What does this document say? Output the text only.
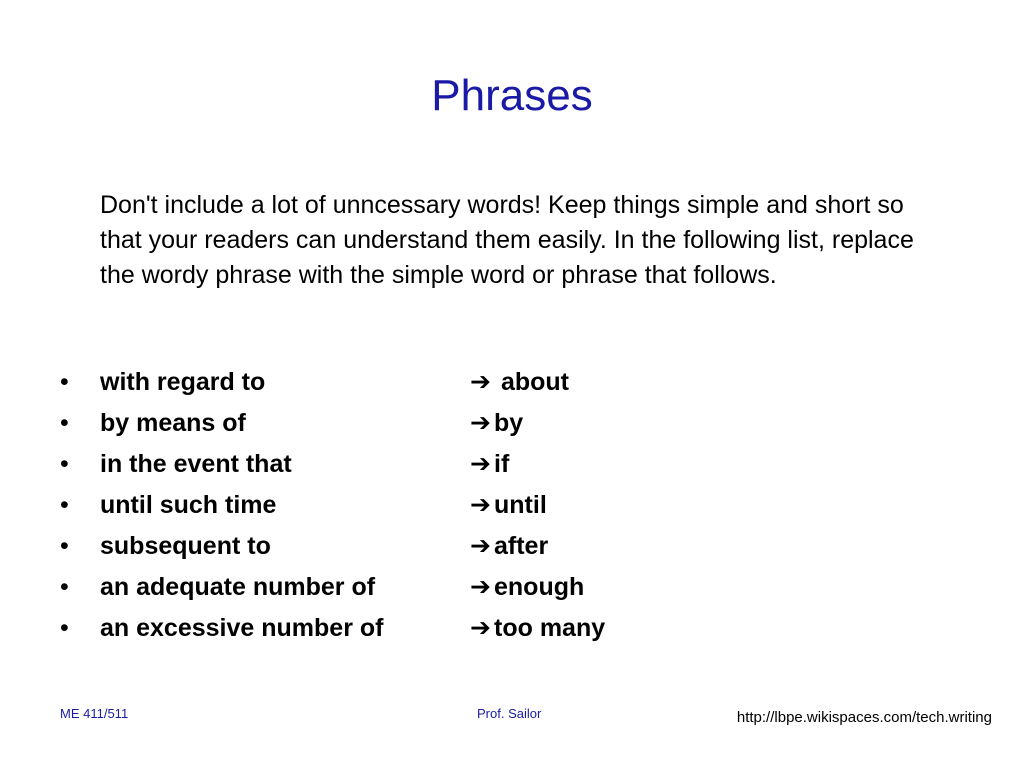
Phrases
Don't include a lot of unncessary words! Keep things simple and short so that your readers can understand them easily. In the following list, replace the wordy phrase with the simple word or phrase that follows.
• with regard to	➔ about
• by means of	➔ by
• in the event that	➔ if
• until such time	➔ until
• subsequent to	➔ after
• an adequate number of	➔ enough
• an excessive number of	➔ too many
ME 411/511	Prof. Sailor	http://lbpe.wikispaces.com/tech.writing
